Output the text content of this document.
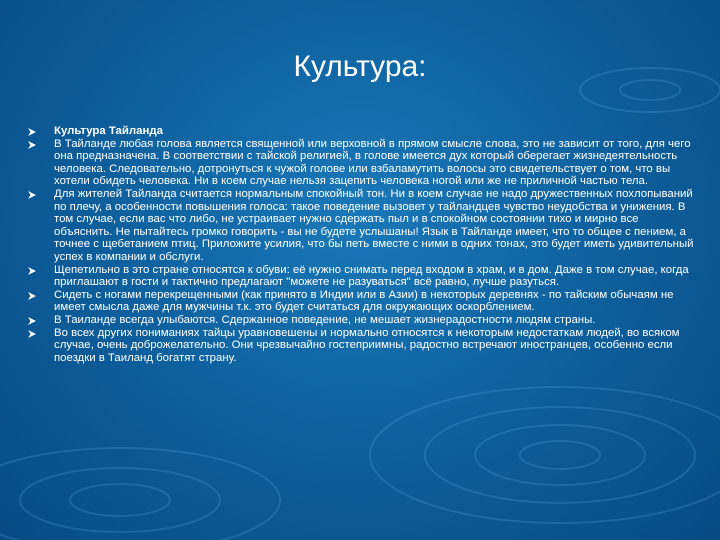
Культура:
Культура Тайланда
В Тайланде любая голова является священной или верховной в прямом смысле слова, это не зависит от того, для чего она предназначена. В соответствии с тайской религией, в голове имеется дух который оберегает жизнедеятельность человека. Следовательно, дотронуться к чужой голове или взбаламутить волосы это свидетельствует о том, что вы хотели обидеть человека. Ни в коем случае нельзя зацепить человека ногой или же не приличной частью тела.
Для жителей Тайланда считается нормальным спокойный тон. Ни в коем случае не надо дружественных похлопываний по плечу, а особенности повышения голоса: такое поведение вызовет у тайландцев чувство неудобства и унижения. В том случае, если вас что либо, не устраивает нужно сдержать пыл и в спокойном состоянии тихо и мирно все объяснить. Не пытайтесь громко говорить - вы не будете услышаны! Язык в Тайланде имеет, что то общее с пением, а точнее с щебетанием птиц. Приложите усилия, что бы петь вместе с ними в одних тонах, это будет иметь удивительный успех в компании и обслуги.
Щепетильно в это стране относятся к обуви: её нужно снимать перед входом в храм, и в дом. Даже в том случае, когда приглашают в гости и тактично предлагают "можете не разуваться" всё равно, лучше разуться.
Сидеть с ногами перекрещенными (как принято в Индии или в Азии) в некоторых деревнях - по тайским обычаям не имеет смысла даже для мужчины т.к. это будет считаться для окружающих оскорблением.
В Таиланде всегда улыбаются. Сдержанное поведение, не мешает жизнерадостности людям страны.
Во всех других пониманиях тайцы уравновешены и нормально относятся к некоторым недостаткам людей, во всяком случае, очень доброжелательно. Они чрезвычайно гостеприимны, радостно встречают иностранцев, особенно если поездки в Таиланд богатят страну.
